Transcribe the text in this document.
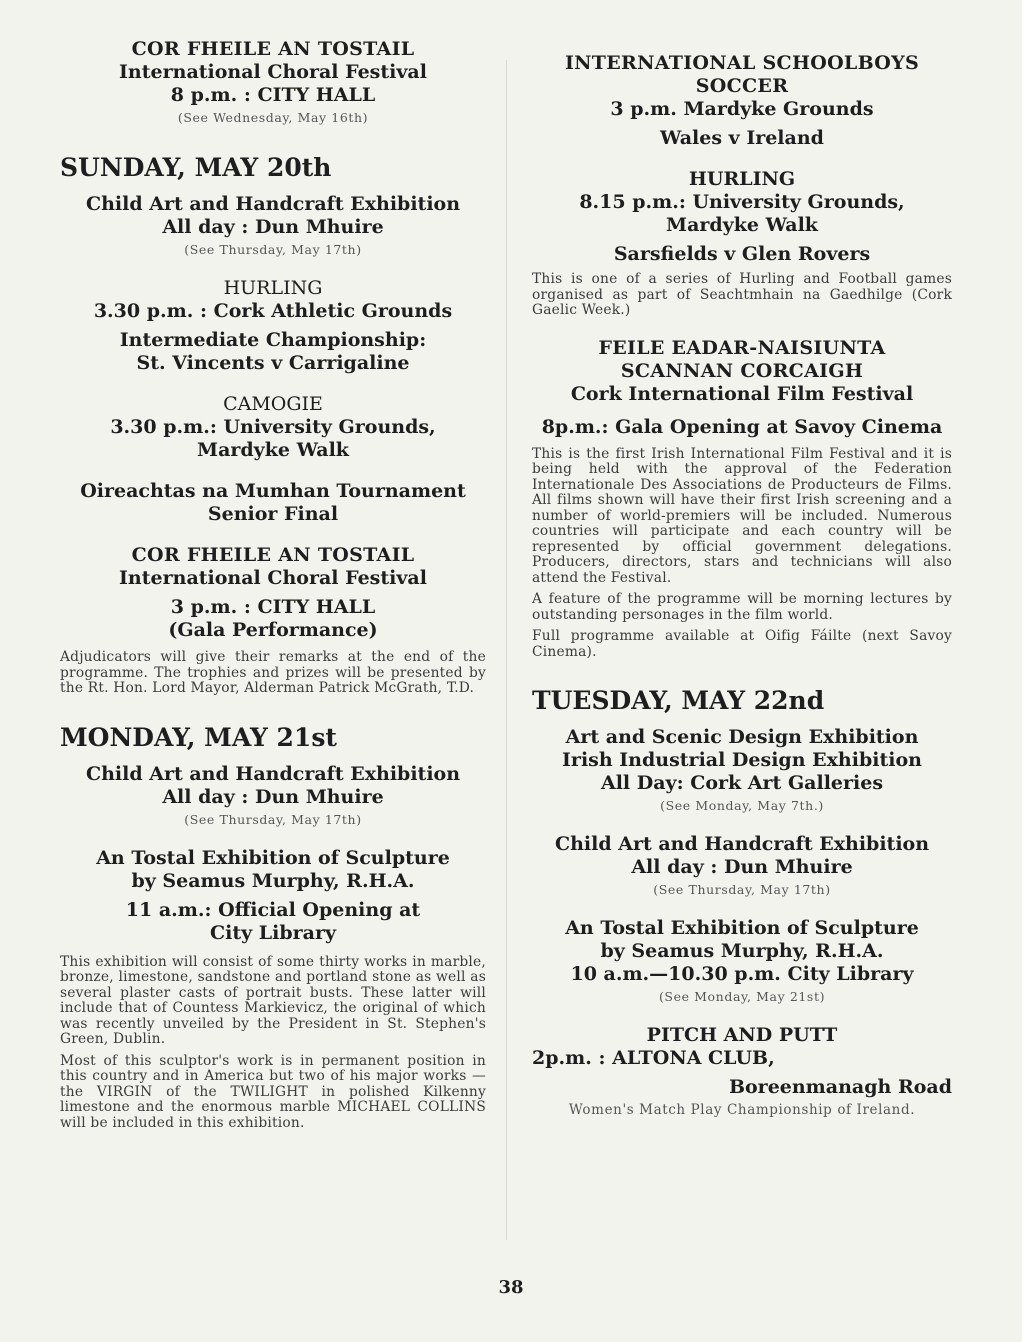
COR FHEILE AN TOSTAIL

International Choral Festival

8 p.m. : CITY HALL

(See Wednesday, May 16th)

SUNDAY, MAY 20th

Child Art and Handcraft Exhibition

All day : Dun Mhuire

(See Thursday, May 17th)

HURLING

3.30 p.m. : Cork Athletic Grounds

Intermediate Championship:

St. Vincents v Carrigaline

CAMOGIE

3.30 p.m.: University Grounds,

Mardyke Walk

Oireachtas na Mumhan Tournament

Senior Final

COR FHEILE AN TOSTAIL

International Choral Festival

3 p.m. : CITY HALL

(Gala Performance)

Adjudicators will give their remarks at the end of the programme. The trophies and prizes will be presented by the Rt. Hon. Lord Mayor, Alderman Patrick McGrath, T.D.

MONDAY, MAY 21st

Child Art and Handcraft Exhibition

All day : Dun Mhuire

(See Thursday, May 17th)

An Tostal Exhibition of Sculpture

by Seamus Murphy, R.H.A.

11 a.m.: Official Opening at

City Library

This exhibition will consist of some thirty works in marble, bronze, limestone, sandstone and portland stone as well as several plaster casts of portrait busts. These latter will include that of Countess Markievicz, the original of which was recently unveiled by the President in St. Stephen's Green, Dublin.

Most of this sculptor's work is in permanent position in this country and in America but two of his major works — the VIRGIN of the TWILIGHT in polished Kilkenny limestone and the enormous marble MICHAEL COLLINS will be included in this exhibition.

INTERNATIONAL SCHOOLBOYS

SOCCER

3 p.m. Mardyke Grounds

Wales v Ireland

HURLING

8.15 p.m.: University Grounds,

Mardyke Walk

Sarsfields v Glen Rovers

This is one of a series of Hurling and Football games organised as part of Seachtmhain na Gaedhilge (Cork Gaelic Week.)

FEILE EADAR-NAISIUNTA

SCANNAN CORCAIGH

Cork International Film Festival

8p.m.: Gala Opening at Savoy Cinema

This is the first Irish International Film Festival and it is being held with the approval of the Federation Internationale Des Associations de Producteurs de Films. All films shown will have their first Irish screening and a number of world-premiers will be included. Numerous countries will participate and each country will be represented by official government delegations. Producers, directors, stars and technicians will also attend the Festival.

A feature of the programme will be morning lectures by outstanding personages in the film world.

Full programme available at Oifig Fáilte (next Savoy Cinema).

TUESDAY, MAY 22nd

Art and Scenic Design Exhibition

Irish Industrial Design Exhibition

All Day: Cork Art Galleries

(See Monday, May 7th.)

Child Art and Handcraft Exhibition

All day : Dun Mhuire

(See Thursday, May 17th)

An Tostal Exhibition of Sculpture

by Seamus Murphy, R.H.A.

10 a.m.—10.30 p.m. City Library

(See Monday, May 21st)

PITCH AND PUTT

2p.m. : ALTONA CLUB,

Boreenmanagh Road

Women's Match Play Championship of Ireland.

38
